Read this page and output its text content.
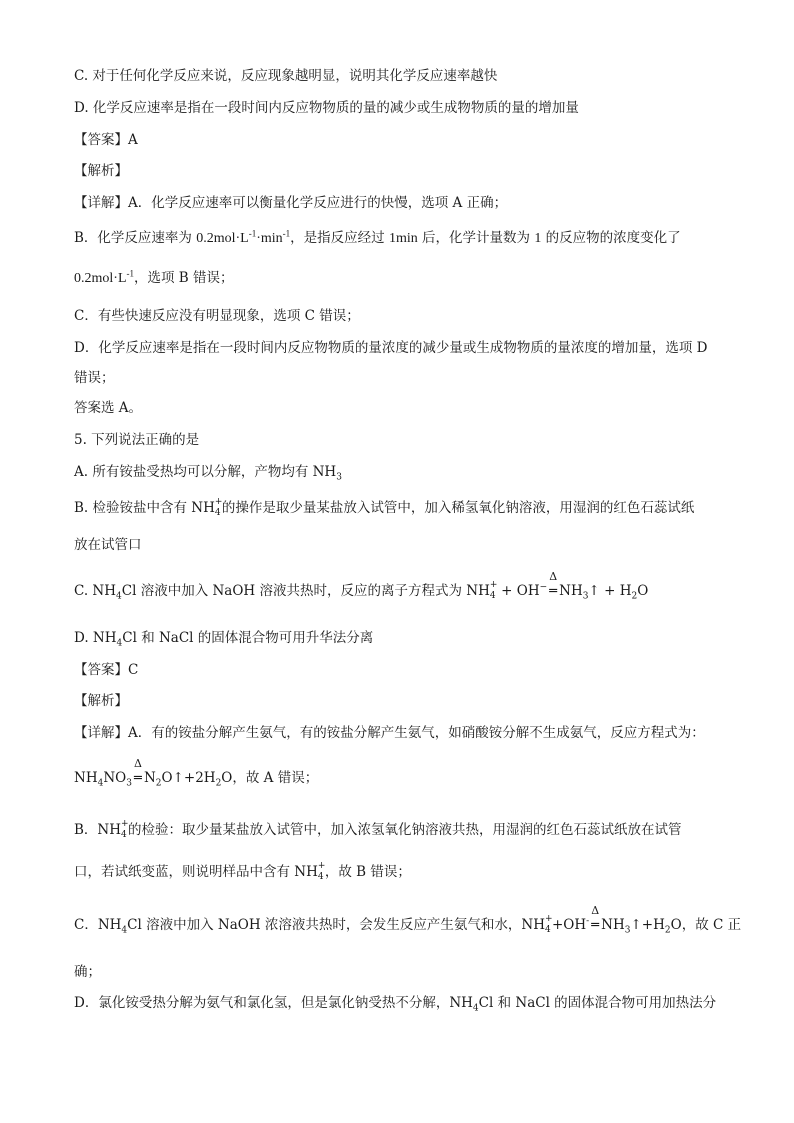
C. 对于任何化学反应来说，反应现象越明显，说明其化学反应速率越快
D. 化学反应速率是指在一段时间内反应物物质的量的减少或生成物物质的量的增加量
【答案】A
【解析】
【详解】A．化学反应速率可以衡量化学反应进行的快慢，选项 A 正确；
B．化学反应速率为 $0.2mol\cdot L^{-1}\cdot\min^{-1}$，是指反应经过 1min 后，化学计量数为 1 的反应物的浓度变化了
$0.2mol\cdot L^{-1}$，选项 B 错误；
C．有些快速反应没有明显现象，选项 C 错误；
D．化学反应速率是指在一段时间内反应物物质的量浓度的减少量或生成物物质的量浓度的增加量，选项 D
错误；
答案选 A。
5. 下列说法正确的是
A. 所有铵盐受热均可以分解，产物均有 $NH_3$
B. 检验铵盐中含有 NH +
4 的操作是取少量某盐放入试管中，加入稀氢氧化钠溶液，用湿润的红色石蕊试纸
放在试管口
C. $NH_4Cl$ 溶液中加入 NaOH 溶液共热时，反应的离子方程式为 NH +
4 + OH−
Δ
═ $NH_3↑ + H_2O$
D. $NH_4Cl$ 和 NaCl 的固体混合物可用升华法分离
【答案】C
【解析】
【详解】A．有的铵盐分解产生氨气，有的铵盐分解产生氨气，如硝酸铵分解不生成氨气，反应方程式为：
$NH_4NO_3$
Δ
═ $N_2O↑+2H_2O$，故 A 错误；
B．NH +
4 的检验：取少量某盐放入试管中，加入浓氢氧化钠溶液共热，用湿润的红色石蕊试纸放在试管
口，若试纸变蓝，则说明样品中含有 NH +
4 ，故 B 错误；
C．$NH_4Cl$ 溶液中加入 NaOH 浓溶液共热时，会发生反应产生氨气和水，NH +
4 +OH-
Δ
═ $NH_3↑+H_2O$，故 C 正
确；
D．氯化铵受热分解为氨气和氯化氢，但是氯化钠受热不分解，$NH_4Cl$ 和 NaCl 的固体混合物可用加热法分
